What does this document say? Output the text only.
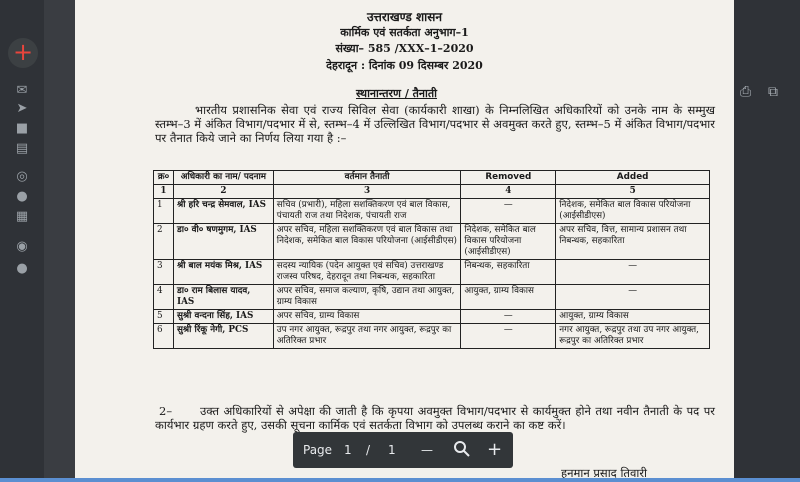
+
✉
➤
■
▤
◎
●
▦
◉
●
⎙ ⧉
उत्तराखण्ड शासन
कार्मिक एवं सतर्कता अनुभाग–1
संख्या– 585 /XXX–1–2020
देहरादून : दिनांक 09 दिसम्बर 2020
स्थानान्तरण / तैनाती
भारतीय प्रशासनिक सेवा एवं राज्य सिविल सेवा (कार्यकारी शाखा) के निम्नलिखित अधिकारियों को उनके नाम के सम्मुख स्तम्भ–3 में अंकित विभाग/पदभार में से, स्तम्भ–4 में उल्लिखित विभाग/पदभार से अवमुक्त करते हुए, स्तम्भ–5 में अंकित विभाग/पदभार पर तैनात किये जाने का निर्णय लिया गया है :–
क्र०	अधिकारी का नाम/ पदनाम	वर्तमान तैनाती	Removed	Added
1	2	3	4	5
1	श्री हरि चन्द्र सेमवाल, IAS	सचिव (प्रभारी), महिला सशक्तिकरण एवं बाल विकास, पंचायती राज तथा निदेशक, पंचायती राज	—	निदेशक, समेकित बाल विकास परियोजना (आईसीडीएस)
2	डा० वी० षणमुगम, IAS	अपर सचिव, महिला सशक्तिकरण एवं बाल विकास तथा निदेशक, समेकित बाल विकास परियोजना (आईसीडीएस)	निदेशक, समेकित बाल विकास परियोजना (आईसीडीएस)	अपर सचिव, वित्त, सामान्य प्रशासन तथा निबन्धक, सहकारिता
3	श्री बाल मयंक मिश्र, IAS	सदस्य न्यायिक (पदेन आयुक्त एवं सचिव) उत्तराखण्ड राजस्व परिषद, देहरादून तथा निबन्धक, सहकारिता	निबन्धक, सहकारिता	—
4	डा० राम बिलास यादव, IAS	अपर सचिव, समाज कल्याण, कृषि, उद्यान तथा आयुक्त, ग्राम्य विकास	आयुक्त, ग्राम्य विकास	—
5	सुश्री वन्दना सिंह, IAS	अपर सचिव, ग्राम्य विकास	—	आयुक्त, ग्राम्य विकास
6	सुश्री रिंकू नेगी, PCS	उप नगर आयुक्त, रूद्रपुर तथा नगर आयुक्त, रूद्रपुर का अतिरिक्त प्रभार	—	नगर आयुक्त, रूद्रपुर तथा उप नगर आयुक्त, रूद्रपुर का अतिरिक्त प्रभार
2–	उक्त अधिकारियों से अपेक्षा की जाती है कि कृपया अवमुक्त विभाग/पदभार से कार्यमुक्त होने तथा नवीन तैनाती के पद पर कार्यभार ग्रहण करते हुए, उसकी सूचना कार्मिक एवं सतर्कता विभाग को उपलब्ध कराने का कष्ट करें।
हनमान प्रसाद तिवारी
Page 1 / 1 —	+
